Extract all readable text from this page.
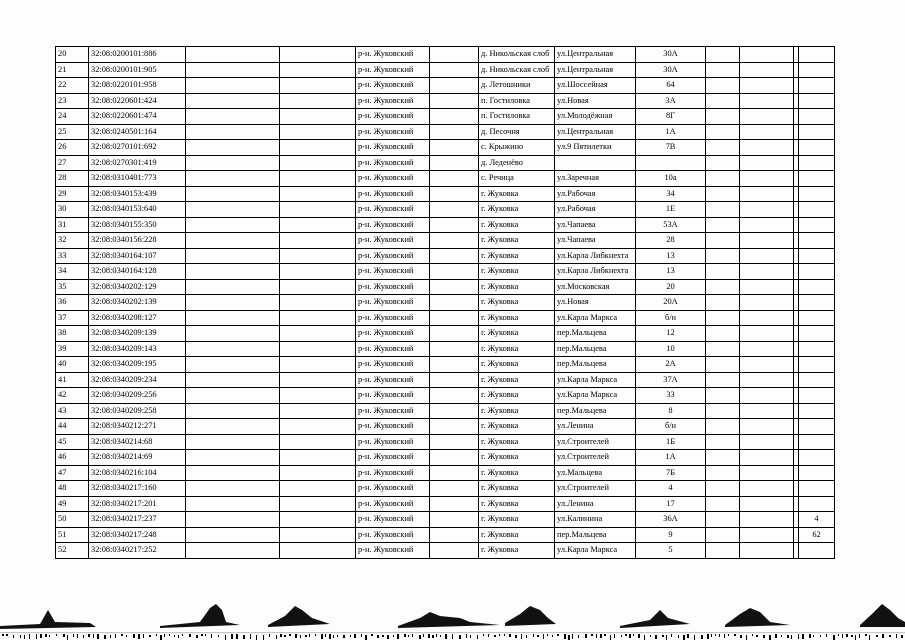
20	32:08:0200101:886			р-н. Жуковский		д. Никольская слоб	ул.Центральная	30А				
21	32:08:0200101:905			р-н. Жуковский		д. Никольская слоб	ул.Центральная	30А				
22	32:08:0220101:958			р-н. Жуковский		д. Летошники	ул.Шоссейная	64				
23	32:08:0220601:424			р-н. Жуковский		п. Гостиловка	ул.Новая	3А				
24	32:08:0220601:474			р-н. Жуковский		п. Гостиловка	ул.Молодёжная	8Г				
25	32:08:0240501:164			р-н. Жуковский		д. Песочня	ул.Центральная	1А				
26	32:08:0270101:692			р-н. Жуковский		с. Крыжино	ул.9 Пятилетки	7В				
27	32:08:0270301:419			р-н. Жуковский		д. Леденёво						
28	32:08:0310401:773			р-н. Жуковский		с. Речица	ул.Заречная	10а				
29	32:08:0340153:439			р-н. Жуковский		г. Жуковка	ул.Рабочая	34				
30	32:08:0340153:640			р-н. Жуковский		г. Жуковка	ул.Рабочая	1Е				
31	32:08:0340155:350			р-н. Жуковский		г. Жуковка	ул.Чапаева	53А				
32	32:08:0340156:228			р-н. Жуковский		г. Жуковка	ул.Чапаева	28				
33	32:08:0340164:107			р-н. Жуковский		г. Жуковка	ул.Карла Либкнехта	13				
34	32:08:0340164:128			р-н. Жуковский		г. Жуковка	ул.Карла Либкнехта	13				
35	32:08:0340202:129			р-н. Жуковский		г. Жуковка	ул.Московская	20				
36	32:08:0340202:139			р-н. Жуковский		г. Жуковка	ул.Новая	20А				
37	32:08:0340208:127			р-н. Жуковский		г. Жуковка	ул.Карла Маркса	б/н				
38	32:08:0340209:139			р-н. Жуковский		г. Жуковка	пер.Мальцева	12				
39	32:08:0340209:143			р-н. Жуковский		г. Жуковка	пер.Мальцева	10				
40	32:08:0340209:195			р-н. Жуковский		г. Жуковка	пер.Мальцева	2А				
41	32:08:0340209:234			р-н. Жуковский		г. Жуковка	ул.Карла Маркса	37А				
42	32:08:0340209:256			р-н. Жуковский		г. Жуковка	ул.Карла Маркса	33				
43	32:08:0340209:258			р-н. Жуковский		г. Жуковка	пер.Мальцева	8				
44	32:08:0340212:271			р-н. Жуковский		г. Жуковка	ул.Ленина	б/н				
45	32:08:0340214:68			р-н. Жуковский		г. Жуковка	ул.Строителей	1Б				
46	32:08:0340214:69			р-н. Жуковский		г. Жуковка	ул.Строителей	1А				
47	32:08:0340216:104			р-н. Жуковский		г. Жуковка	ул.Мальцева	7Б				
48	32:08:0340217:160			р-н. Жуковский		г. Жуковка	ул.Строителей	4				
49	32:08:0340217:201			р-н. Жуковский		г. Жуковка	ул.Ленина	17				
50	32:08:0340217:237			р-н. Жуковский		г. Жуковка	ул.Калинина	36А				4
51	32:08:0340217:248			р-н. Жуковский		г. Жуковка	пер.Мальцева	9				62
52	32:08:0340217:252			р-н. Жуковский		г. Жуковка	ул.Карла Маркса	5				
